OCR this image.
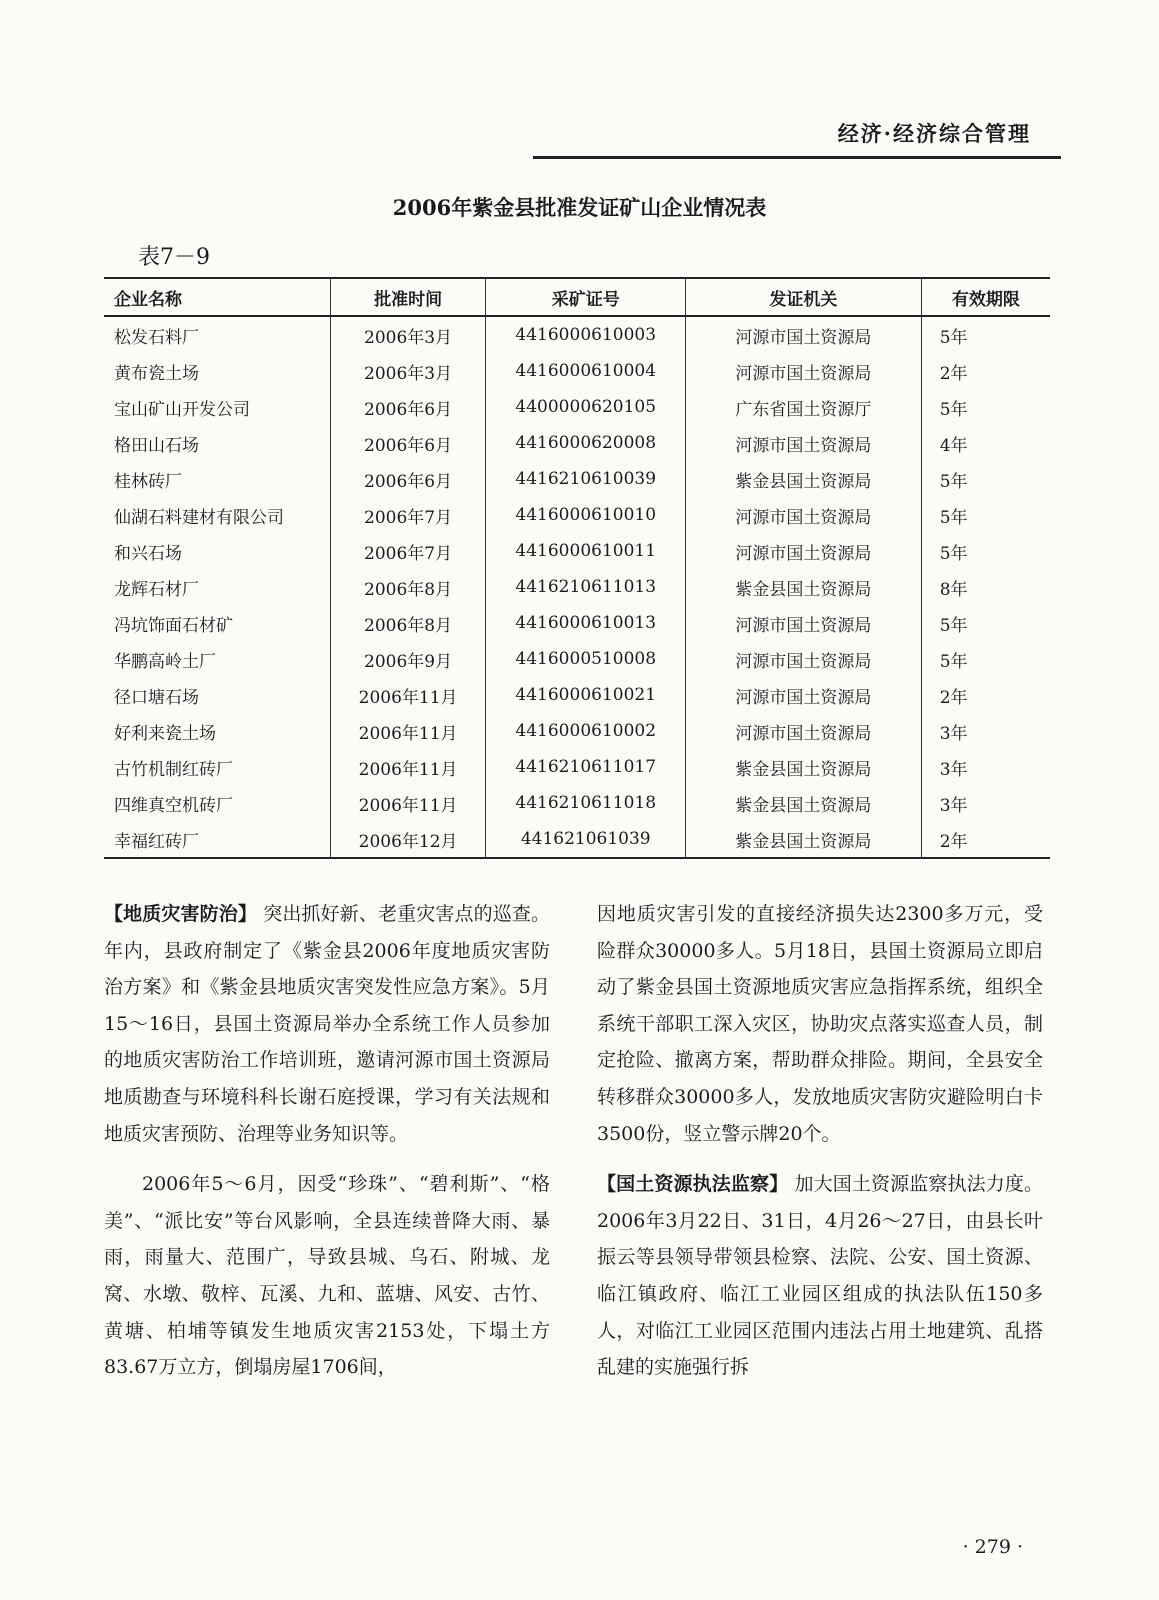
经济·经济综合管理
2006年紫金县批准发证矿山企业情况表
表7－9
企业名称	批准时间	采矿证号	发证机关	有效期限
松发石料厂	2006年3月	4416000610003	河源市国土资源局	5年
黄布瓷土场	2006年3月	4416000610004	河源市国土资源局	2年
宝山矿山开发公司	2006年6月	4400000620105	广东省国土资源厅	5年
格田山石场	2006年6月	4416000620008	河源市国土资源局	4年
桂林砖厂	2006年6月	4416210610039	紫金县国土资源局	5年
仙湖石料建材有限公司	2006年7月	4416000610010	河源市国土资源局	5年
和兴石场	2006年7月	4416000610011	河源市国土资源局	5年
龙辉石材厂	2006年8月	4416210611013	紫金县国土资源局	8年
冯坑饰面石材矿	2006年8月	4416000610013	河源市国土资源局	5年
华鹏高岭土厂	2006年9月	4416000510008	河源市国土资源局	5年
径口塘石场	2006年11月	4416000610021	河源市国土资源局	2年
好利来瓷土场	2006年11月	4416000610002	河源市国土资源局	3年
古竹机制红砖厂	2006年11月	4416210611017	紫金县国土资源局	3年
四维真空机砖厂	2006年11月	4416210611018	紫金县国土资源局	3年
幸福红砖厂	2006年12月	441621061039	紫金县国土资源局	2年

【地质灾害防治】 突出抓好新、老重灾害点的巡查。年内，县政府制定了《紫金县2006年度地质灾害防治方案》和《紫金县地质灾害突发性应急方案》。5月15～16日，县国土资源局举办全系统工作人员参加的地质灾害防治工作培训班，邀请河源市国土资源局地质勘查与环境科科长谢石庭授课，学习有关法规和地质灾害预防、治理等业务知识等。

2006年5～6月，因受“珍珠”、“碧利斯”、“格美”、“派比安”等台风影响，全县连续普降大雨、暴雨，雨量大、范围广，导致县城、乌石、附城、龙窝、水墩、敬梓、瓦溪、九和、蓝塘、风安、古竹、黄塘、柏埔等镇发生地质灾害2153处，下塌土方83.67万立方，倒塌房屋1706间，

因地质灾害引发的直接经济损失达2300多万元，受险群众30000多人。5月18日，县国土资源局立即启动了紫金县国土资源地质灾害应急指挥系统，组织全系统干部职工深入灾区，协助灾点落实巡查人员，制定抢险、撤离方案，帮助群众排险。期间，全县安全转移群众30000多人，发放地质灾害防灾避险明白卡3500份，竖立警示牌20个。

【国土资源执法监察】 加大国土资源监察执法力度。2006年3月22日、31日，4月26～27日，由县长叶振云等县领导带领县检察、法院、公安、国土资源、临江镇政府、临江工业园区组成的执法队伍150多人，对临江工业园区范围内违法占用土地建筑、乱搭乱建的实施强行拆

· 279 ·
